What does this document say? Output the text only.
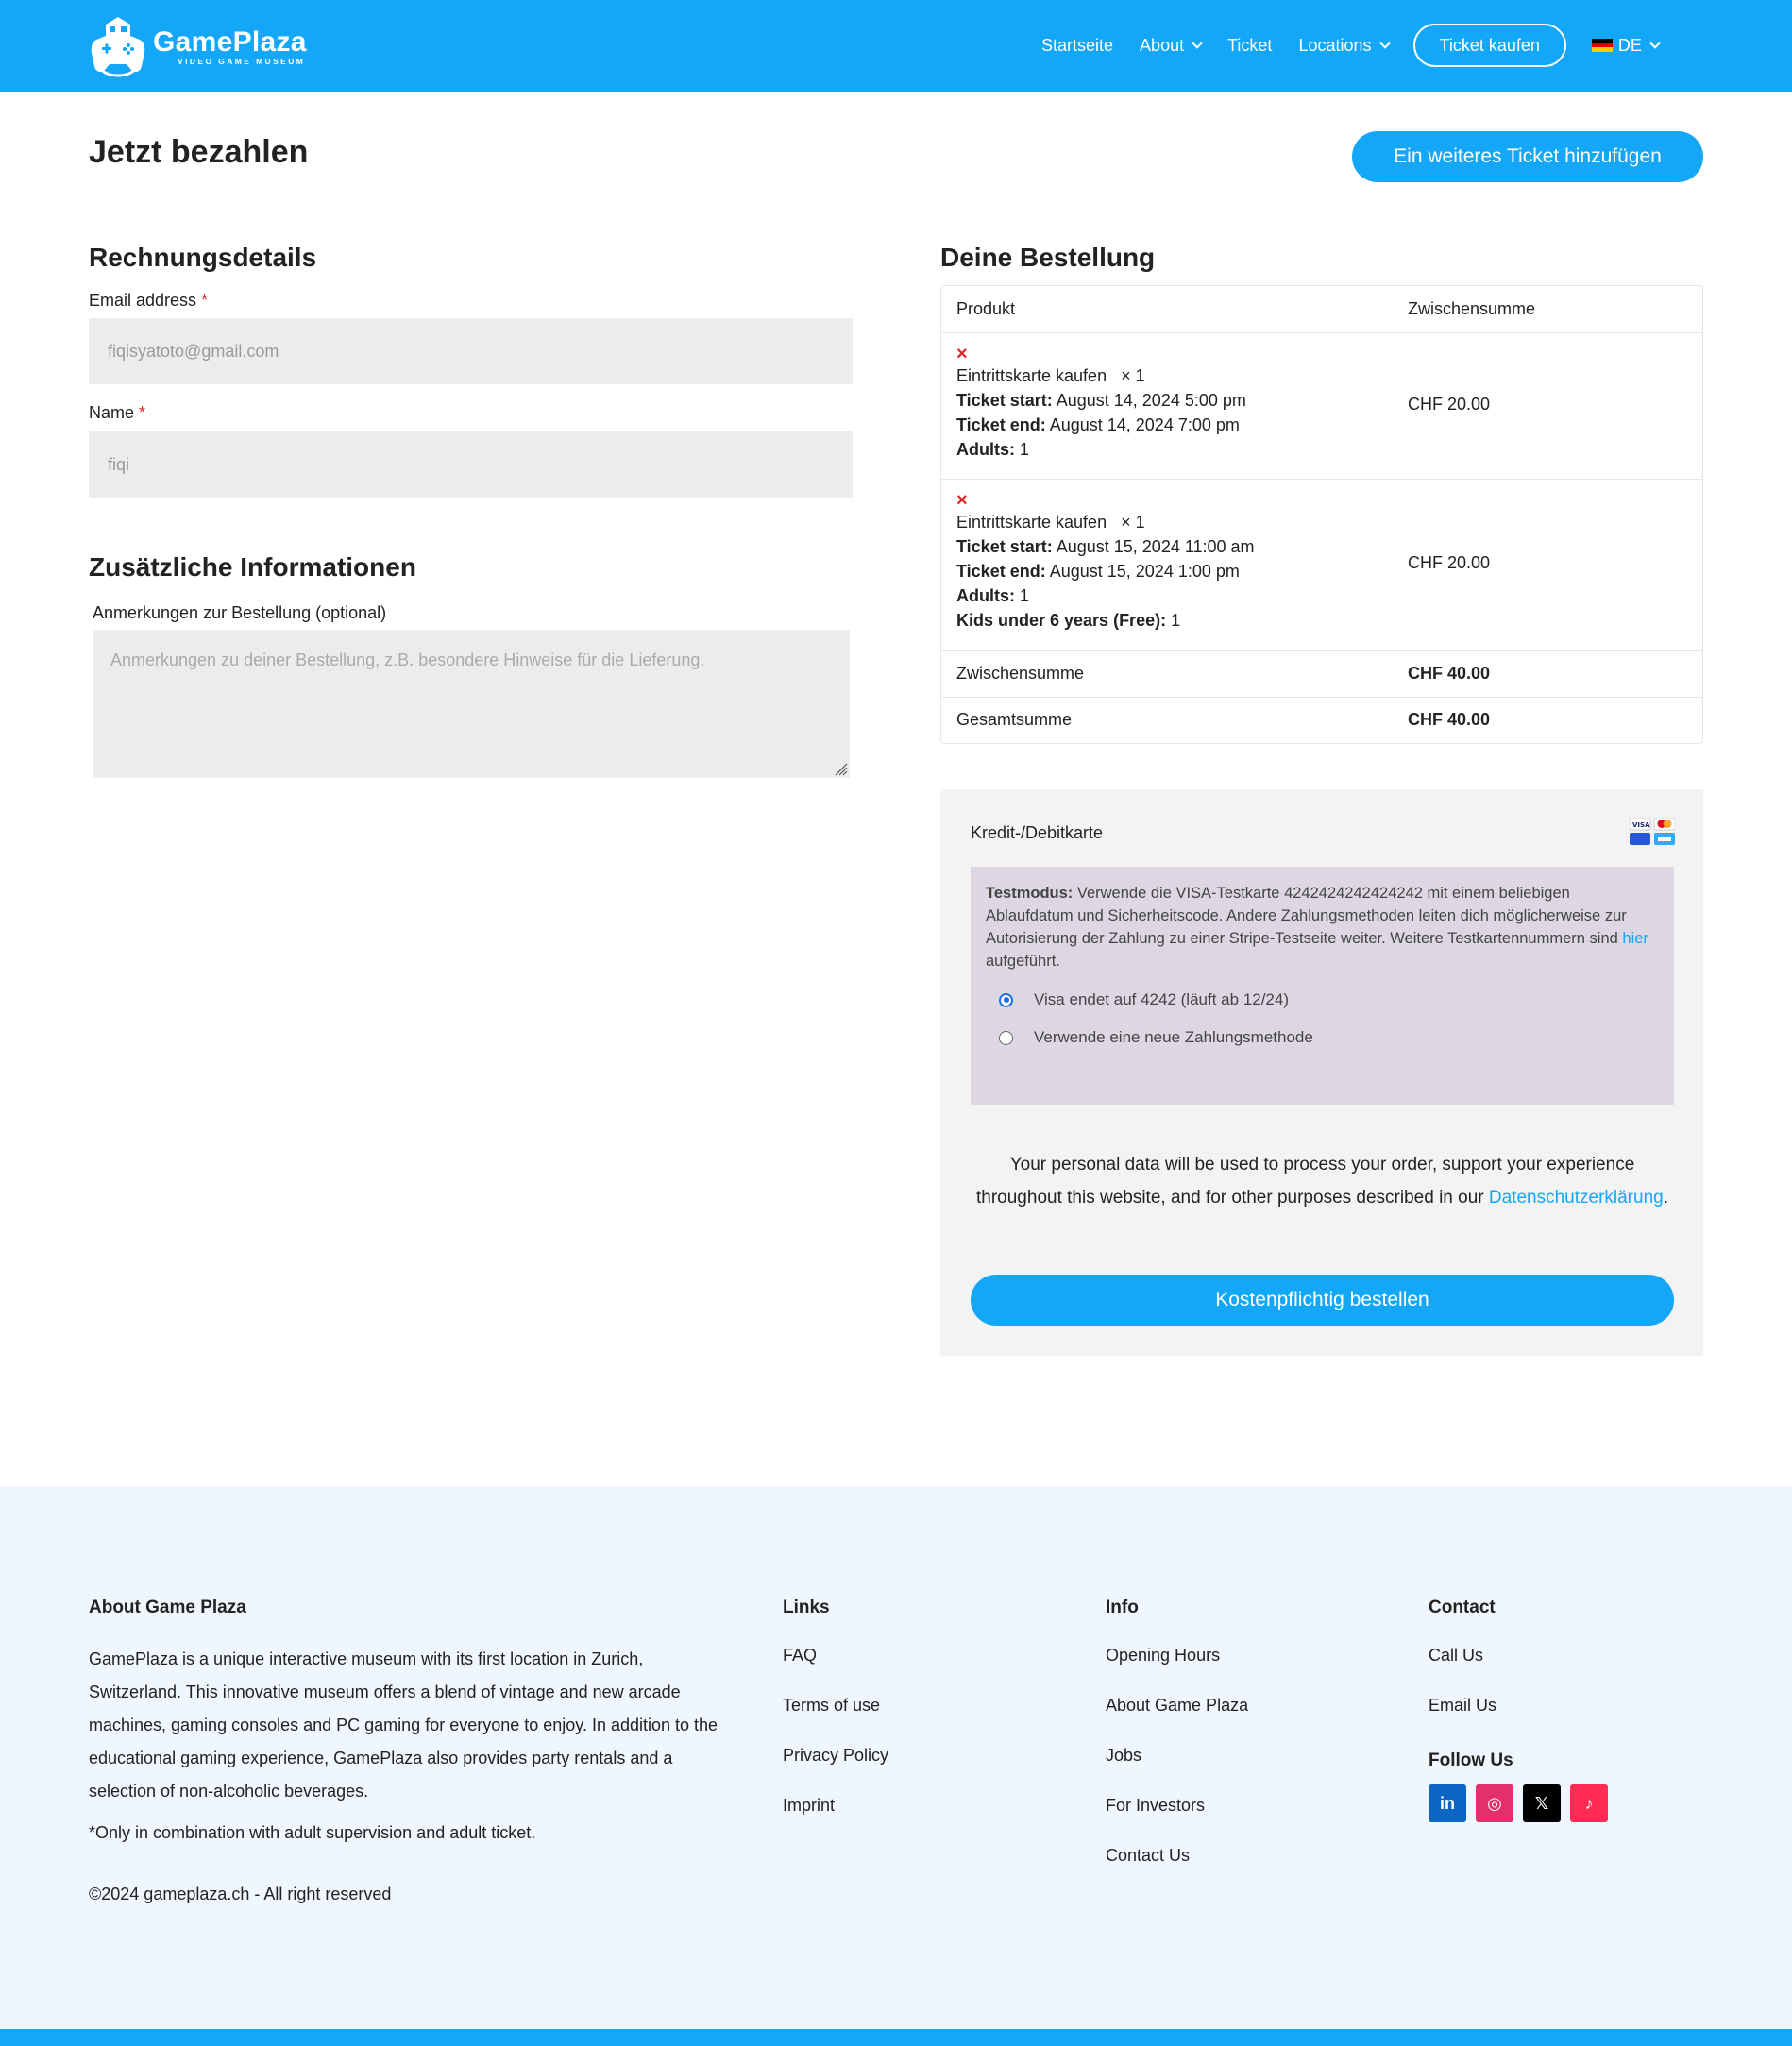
GamePlaza
VIDEO GAME MUSEUM
Startseite About	Ticket Locations	Ticket kaufen	DE
Jetzt bezahlen	Ein weiteres Ticket hinzufügen
Rechnungsdetails
Email address *
fiqisyatoto@gmail.com
Name *
fiqi
Zusätzliche Informationen
Anmerkungen zur Bestellung (optional)
Anmerkungen zu deiner Bestellung, z.B. besondere Hinweise für die Lieferung.
Deine Bestellung
Produkt	Zwischensumme
×
Eintrittskarte kaufen × 1
Ticket start: August 14, 2024 5:00 pm
Ticket end: August 14, 2024 7:00 pm
Adults: 1
CHF 20.00
×
Eintrittskarte kaufen × 1
Ticket start: August 15, 2024 11:00 am
Ticket end: August 15, 2024 1:00 pm
Adults: 1
Kids under 6 years (Free): 1
CHF 20.00
Zwischensumme	CHF 40.00
Gesamtsumme	CHF 40.00
Kredit-/Debitkarte	VISA
Testmodus: Verwende die VISA-Testkarte 4242424242424242 mit einem beliebigen Ablaufdatum und Sicherheitscode. Andere Zahlungsmethoden leiten dich möglicherweise zur Autorisierung der Zahlung zu einer Stripe-Testseite weiter. Weitere Testkartennummern sind hier aufgeführt.
Visa endet auf 4242 (läuft ab 12/24)
Verwende eine neue Zahlungsmethode
Your personal data will be used to process your order, support your experience throughout this website, and for other purposes described in our Datenschutzerklärung.
Kostenpflichtig bestellen
About Game Plaza
GamePlaza is a unique interactive museum with its first location in Zurich, Switzerland. This innovative museum offers a blend of vintage and new arcade machines, gaming consoles and PC gaming for everyone to enjoy. In addition to the educational gaming experience, GamePlaza also provides party rentals and a selection of non-alcoholic beverages.
*Only in combination with adult supervision and adult ticket.
©2024 gameplaza.ch - All right reserved
Links
FAQ
Terms of use
Privacy Policy
Imprint
Info
Opening Hours
About Game Plaza
Jobs
For Investors
Contact Us
Contact
Call Us
Email Us
Follow Us
in	◎	𝕏	♪
